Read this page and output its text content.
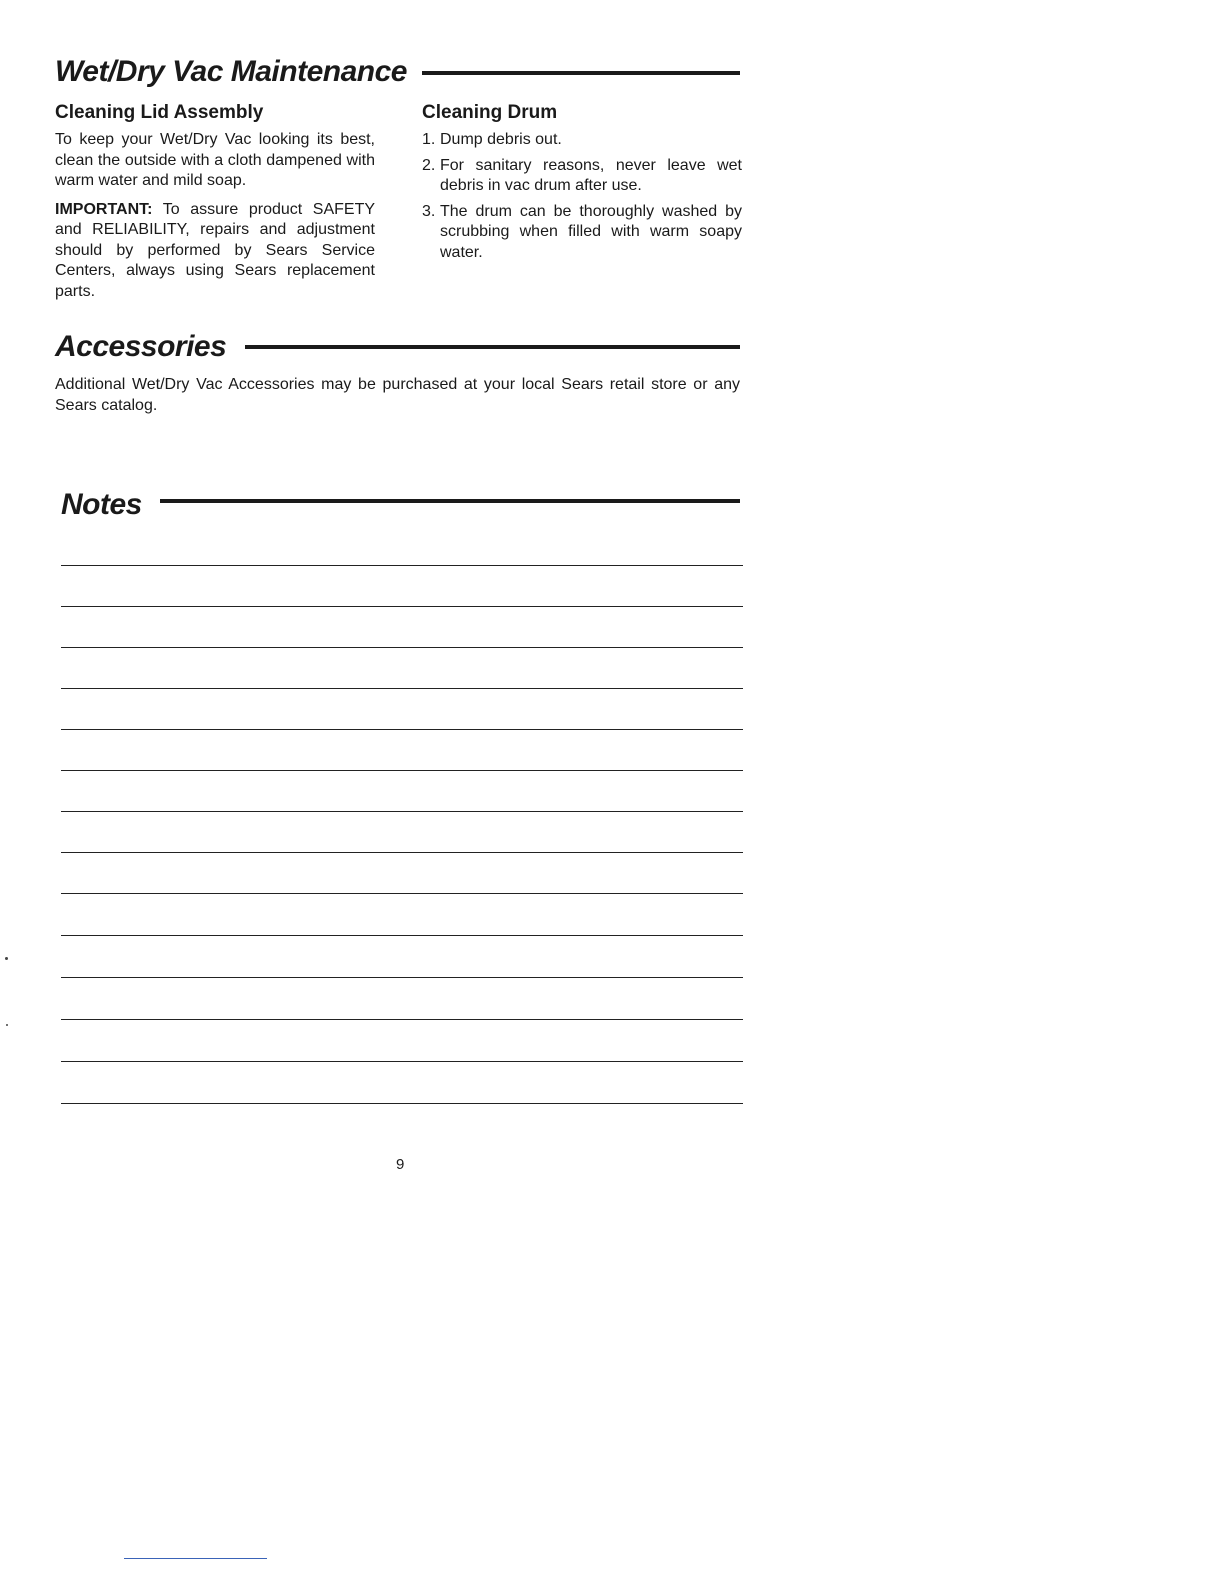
Wet/Dry Vac Maintenance
Cleaning Lid Assembly

To keep your Wet/Dry Vac looking its best, clean the outside with a cloth dampened with warm water and mild soap.

IMPORTANT: To assure product SAFETY and RELIABILITY, repairs and adjustment should by performed by Sears Service Centers, always using Sears replacement parts.

Cleaning Drum
1. Dump debris out.
2. For sanitary reasons, never leave wet debris in vac drum after use.
3. The drum can be thoroughly washed by scrubbing when filled with warm soapy water.
Accessories

Additional Wet/Dry Vac Accessories may be purchased at your local Sears retail store or any Sears catalog.

Notes
9
